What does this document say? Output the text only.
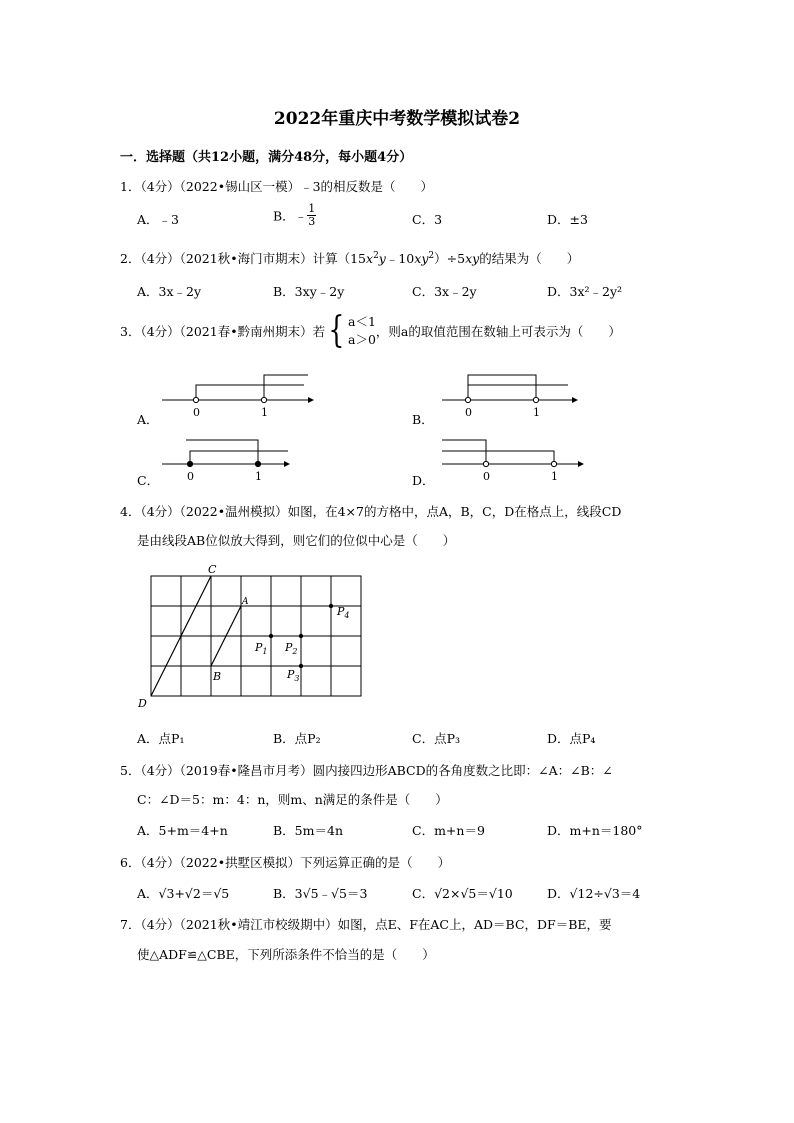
2022年重庆中考数学模拟试卷2
一．选择题（共12小题，满分48分，每小题4分）
1．（4分）（2022•锡山区一模）﹣3的相反数是（　　）
A．﹣3	B．﹣ $\frac{1}{3}$	C．3	D．±3
2．（4分）（2021秋•海门市期末）计算$(15x^2y﹣10xy^2)\div 5xy$的结果为（　　）
A．3x﹣2y	B．3xy﹣2y	C．3x﹣2y	D．3x²﹣2y²
3．（4分）（2021春•黔南州期末）若{ a＜1
a＞0
，则a的取值范围在数轴上可表示为（　　）
A．	0	1	B．	0	1
C．	0	1	D．	0	1
4．（4分）（2022•温州模拟）如图，在4×7的方格中，点A，B，C，D在格点上，线段CD
是由线段AB位似放大得到，则它们的位似中心是（　　）
C
A
B
D
$P_1$ $P_2$
$P_3$
$P_4$
A．点P₁	B．点P₂	C．点P₃	D．点P₄
5．（4分）（2019春•隆昌市月考）圆内接四边形ABCD的各角度数之比即：∠A：∠B：∠
C：∠D＝5：m：4：n，则m、n满足的条件是（　　）
A．5+m＝4+n	B．5m＝4n	C．m+n＝9	D．m+n＝180°
6．（4分）（2022•拱墅区模拟）下列运算正确的是（　　）
A．√3+√2＝√5	B．3√5﹣√5＝3	C．√2×√5＝√10	D．√12÷√3＝4
7．（4分）（2021秋•靖江市校级期中）如图，点E、F在AC上，AD＝BC，DF＝BE，要
使△ADF≌△CBE，下列所添条件不恰当的是（　　）
